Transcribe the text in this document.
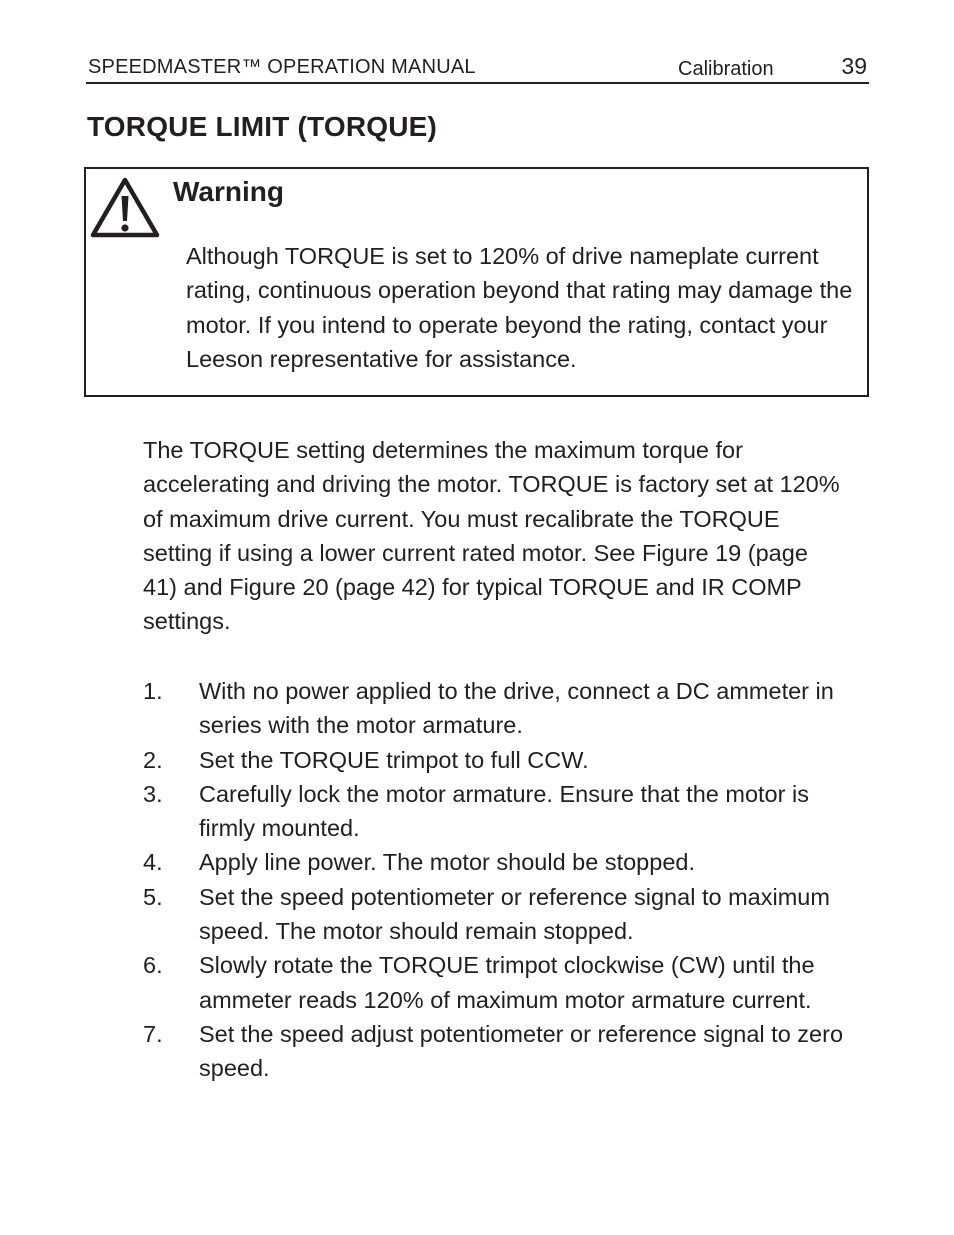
SPEEDMASTER™ OPERATION MANUAL	Calibration	39
TORQUE LIMIT (TORQUE)
Warning
Although TORQUE is set to 120% of drive nameplate current rating, continuous operation beyond that rating may damage the motor. If you intend to operate beyond the rating, contact your Leeson representative for assistance.

The TORQUE setting determines the maximum torque for accelerating and driving the motor. TORQUE is factory set at 120% of maximum drive current. You must recalibrate the TORQUE setting if using a lower current rated motor. See Figure 19 (page 41) and Figure 20 (page 42) for typical TORQUE and IR COMP settings.

1.	With no power applied to the drive, connect a DC ammeter in series with the motor armature.
2.	Set the TORQUE trimpot to full CCW.
3.	Carefully lock the motor armature. Ensure that the motor is firmly mounted.
4.	Apply line power. The motor should be stopped.
5.	Set the speed potentiometer or reference signal to maximum speed. The motor should remain stopped.
6.	Slowly rotate the TORQUE trimpot clockwise (CW) until the ammeter reads 120% of maximum motor armature current.
7.	Set the speed adjust potentiometer or reference signal to zero speed.
